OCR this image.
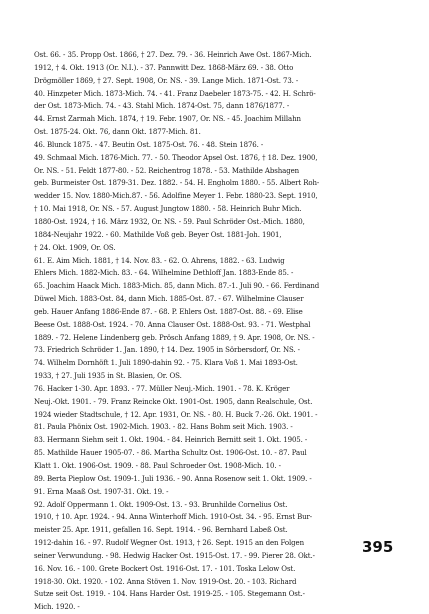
Ost. 66. - 35. Propp Ost. 1866, † 27. Dez. 79. - 36. Heinrich Awe Ost. 1867-Mich.
1912, † 4. Okt. 1913 (Or. N.I.). - 37. Pannwitt Dez. 1868-März 69. - 38. Otto
Drögmöller 1869, † 27. Sept. 1908, Or. NS. - 39. Lange Mich. 1871-Ost. 73. -
40. Hinzpeter Mich. 1873-Mich. 74. - 41. Franz Daebeler 1873-75. - 42. H. Schrö-
der Ost. 1873-Mich. 74. - 43. Stahl Mich. 1874-Ost. 75, dann 1876/1877. -
44. Ernst Zarmah Mich. 1874, † 19. Febr. 1907, Or. NS. - 45. Joachim Millahn
Ost. 1875-24. Okt. 76, dann Okt. 1877-Mich. 81.
46. Blunck 1875. - 47. Beutin Ost. 1875-Ost. 76. - 48. Stein 1876. -
49. Schmaal Mich. 1876-Mich. 77. - 50. Theodor Apsel Ost. 1876, † 18. Dez. 1900,
Or. NS. - 51. Feldt 1877-80. - 52. Reichentrog 1878. - 53. Mathilde Abshagen
geb. Burmeister Ost. 1879-31. Dez. 1882. - 54. H. Engholm 1880. - 55. Albert Roh-
wedder 15. Nov. 1880-Mich.87. - 56. Adolfine Meyer 1. Febr. 1880-23. Sept. 1910,
† 10. Mai 1918, Or. NS. - 57. August Jungtow 1880. - 58. Heinrich Buhr Mich.
1880-Ost. 1924, † 16. März 1932, Or. NS. - 59. Paul Schröder Ost.-Mich. 1880,
1884-Neujahr 1922. - 60. Mathilde Voß geb. Beyer Ost. 1881-Joh. 1901,
† 24. Okt. 1909, Or. OS.
61. E. Aim Mich. 1881, † 14. Nov. 83. - 62. O. Ahrens, 1882. - 63. Ludwig
Ehlers Mich. 1882-Mich. 83. - 64. Wilhelmine Dethloff Jan. 1883-Ende 85. -
65. Joachim Haack Mich. 1883-Mich. 85, dann Mich. 87.-1. Juli 90. - 66. Ferdinand
Düwel Mich. 1883-Ost. 84, dann Mich. 1885-Ost. 87. - 67. Wilhelmine Clauser
geb. Hauer Anfang 1886-Ende 87. - 68. P. Ehlers Ost. 1887-Ost. 88. - 69. Elise
Beese Ost. 1888-Ost. 1924. - 70. Anna Clauser Ost. 1888-Ost. 93. - 71. Westphal
1889. - 72. Helene Lindenberg geb. Prösch Anfang 1889, † 9. Apr. 1908, Or. NS. -
73. Friedrich Schröder 1. Jan. 1890, † 14. Dez. 1905 in Sörbersdorf, Or. NS. -
74. Wilhelm Dornhöft 1. Juli 1890-dahin 92. - 75. Klara Voß 1. Mai 1893-Ost.
1933, † 27. Juli 1935 in St. Blasien, Or. OS.
76. Hacker 1-30. Apr. 1893. - 77. Müller Neuj.-Mich. 1901. - 78. K. Kröger
Neuj.-Okt. 1901. - 79. Franz Reincke Okt. 1901-Ost. 1905, dann Realschule, Ost.
1924 wieder Stadtschule, † 12. Apr. 1931, Or. NS. - 80. H. Buck 7.-26. Okt. 1901. -
81. Paula Phönix Ost. 1902-Mich. 1903. - 82. Hans Bohm seit Mich. 1903. -
83. Hermann Siehm seit 1. Okt. 1904. - 84. Heinrich Bernitt seit 1. Okt. 1905. -
85. Mathilde Hauer 1905-07. - 86. Martha Schultz Ost. 1906-Ost. 10. - 87. Paul
Klatt 1. Okt. 1906-Ost. 1909. - 88. Paul Schroeder Ost. 1908-Mich. 10. -
89. Berta Pieplow Ost. 1909-1. Juli 1936. - 90. Anna Rosenow seit 1. Okt. 1909. -
91. Erna Maaß Ost. 1907-31. Okt. 19. -
92. Adolf Oppermann 1. Okt. 1909-Ost. 13. - 93. Brunhilde Cornelius Ost.
1910, † 10. Apr. 1924. - 94. Anna Winterhoff Mich. 1910-Ost. 34. - 95. Ernst Bur-
meister 25. Apr. 1911, gefallen 16. Sept. 1914. - 96. Bernhard Labeß Ost.
1912-dahin 16. - 97. Rudolf Wegner Ost. 1913, † 26. Sept. 1915 an den Folgen
seiner Verwundung. - 98. Hedwig Hacker Ost. 1915-Ost. 17. - 99. Pierer 28. Okt.-
16. Nov. 16. - 100. Grete Bockert Ost. 1916-Ost. 17. - 101. Toska Lelow Ost.
1918-30. Okt. 1920. - 102. Anna Stöven 1. Nov. 1919-Ost. 20. - 103. Richard
Sutze seit Ost. 1919. - 104. Hans Harder Ost. 1919-25. - 105. Stegemann Ost.-
Mich. 1920. -
395
